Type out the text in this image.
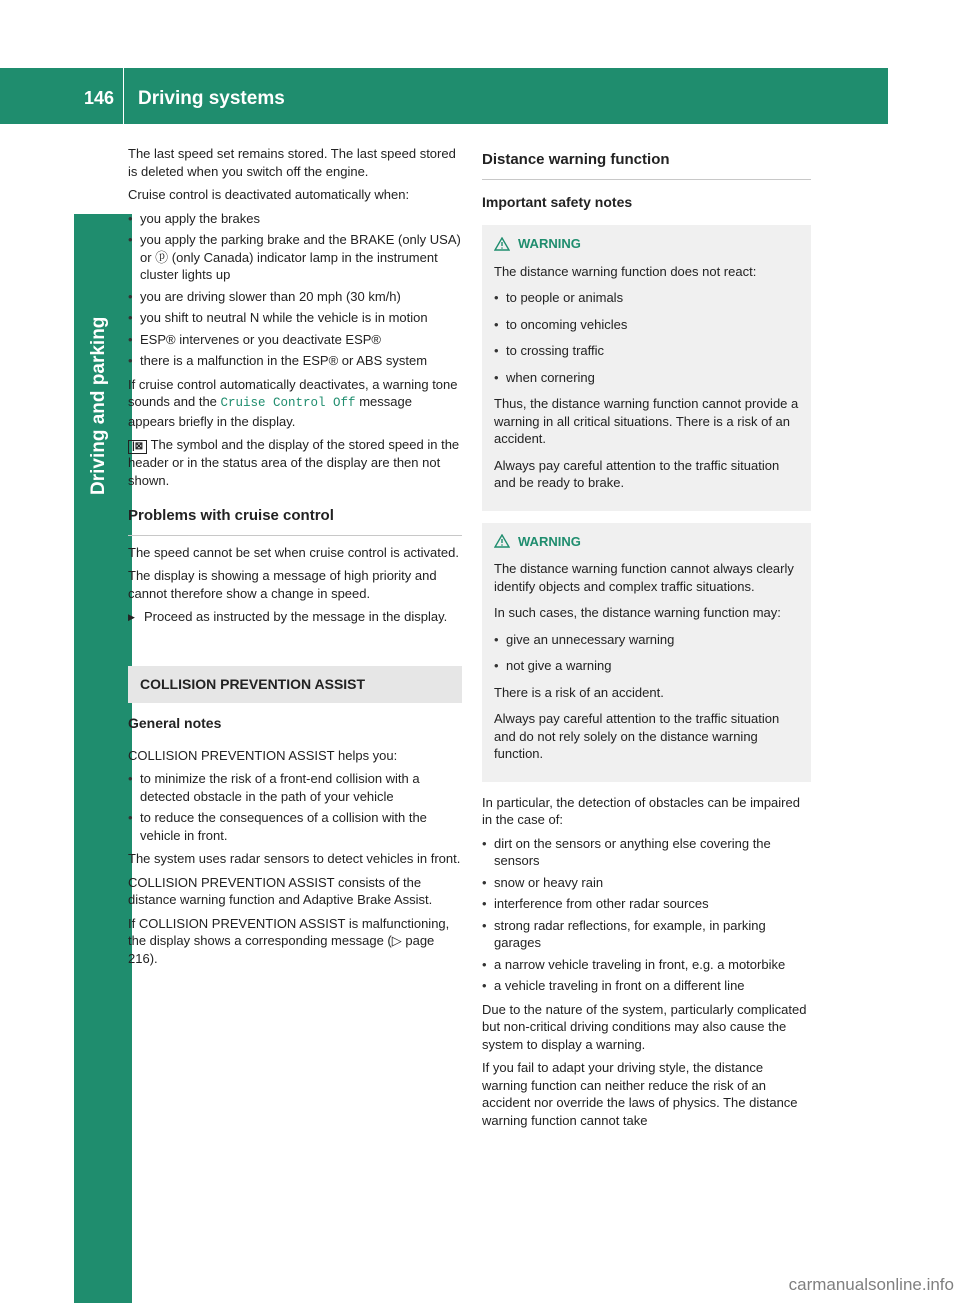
146 Driving systems
Driving and parking

The last speed set remains stored. The last speed stored is deleted when you switch off the engine.

Cruise control is deactivated automatically when:

• you apply the brakes
• you apply the parking brake and the BRAKE (only USA) or ⓟ (only Canada) indicator lamp in the instrument cluster lights up
• you are driving slower than 20 mph (30 km/h)
• you shift to neutral N while the vehicle is in motion
• ESP® intervenes or you deactivate ESP®
• there is a malfunction in the ESP® or ABS system

If cruise control automatically deactivates, a warning tone sounds and the Cruise Control Off message appears briefly in the display.

|⊠ The symbol and the display of the stored speed in the header or in the status area of the display are then not shown.

Problems with cruise control

The speed cannot be set when cruise control is activated.

The display is showing a message of high priority and cannot therefore show a change in speed.

▶ Proceed as instructed by the message in the display.
COLLISION PREVENTION ASSIST
General notes

COLLISION PREVENTION ASSIST helps you:

• to minimize the risk of a front-end collision with a detected obstacle in the path of your vehicle
• to reduce the consequences of a collision with the vehicle in front.

The system uses radar sensors to detect vehicles in front.

COLLISION PREVENTION ASSIST consists of the distance warning function and Adaptive Brake Assist.

If COLLISION PREVENTION ASSIST is malfunctioning, the display shows a corresponding message (▷ page 216).

Distance warning function
Important safety notes
WARNING

The distance warning function does not react:

• to people or animals
• to oncoming vehicles
• to crossing traffic
• when cornering

Thus, the distance warning function cannot provide a warning in all critical situations. There is a risk of an accident.

Always pay careful attention to the traffic situation and be ready to brake.

WARNING

The distance warning function cannot always clearly identify objects and complex traffic situations.

In such cases, the distance warning function may:

• give an unnecessary warning
• not give a warning

There is a risk of an accident.

Always pay careful attention to the traffic situation and do not rely solely on the distance warning function.

In particular, the detection of obstacles can be impaired in the case of:

• dirt on the sensors or anything else covering the sensors
• snow or heavy rain
• interference from other radar sources
• strong radar reflections, for example, in parking garages
• a narrow vehicle traveling in front, e.g. a motorbike
• a vehicle traveling in front on a different line

Due to the nature of the system, particularly complicated but non-critical driving conditions may also cause the system to display a warning.

If you fail to adapt your driving style, the distance warning function can neither reduce the risk of an accident nor override the laws of physics. The distance warning function cannot take

carmanualsonline.info
